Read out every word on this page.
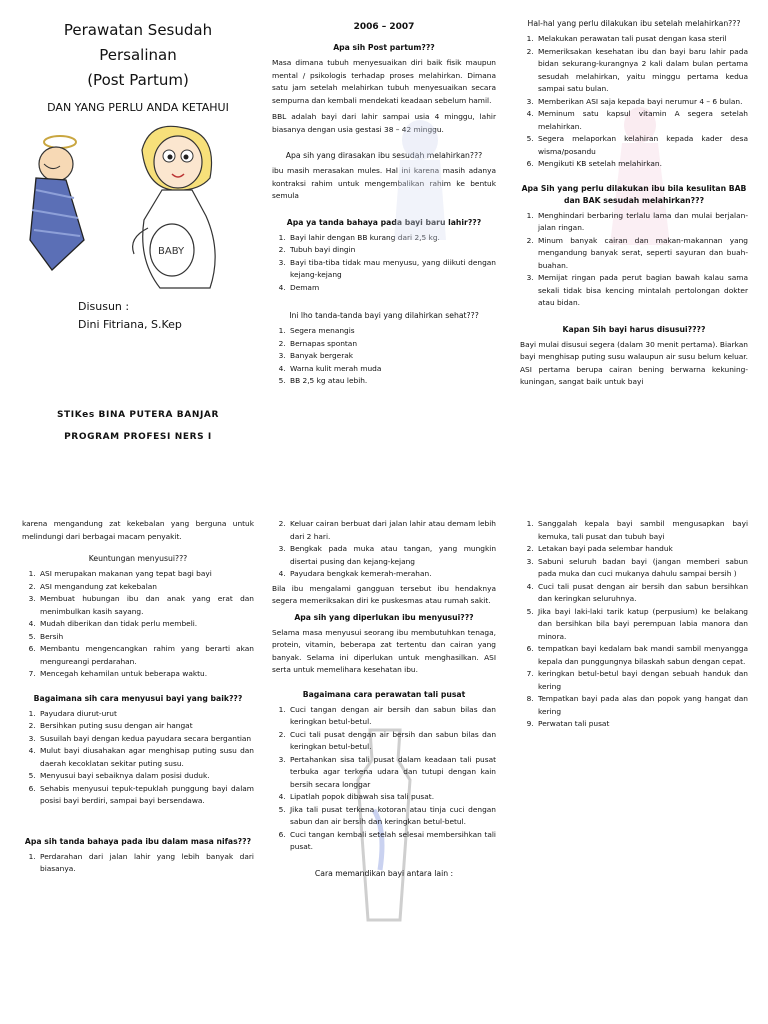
Perawatan Sesudah
Persalinan
(Post Partum)
DAN YANG PERLU ANDA KETAHUI
BABY
Disusun :
Dini Fitriana, S.Kep
STIKes BINA PUTERA BANJAR
PROGRAM PROFESI NERS I
2006 – 2007
Apa sih Post partum???

Masa dimana tubuh menyesuaikan diri baik fisik maupun mental / psikologis terhadap proses melahirkan. Dimana satu jam setelah melahirkan tubuh menyesuaikan secara sempurna dan kembali mendekati keadaan sebelum hamil.

BBL adalah bayi dari lahir sampai usia 4 minggu, lahir biasanya dengan usia gestasi 38 – 42 minggu.

Apa sih yang dirasakan ibu sesudah melahirkan???

ibu masih merasakan mules. Hal ini karena masih adanya kontraksi rahim untuk mengembalikan rahim ke bentuk semula

Apa ya tanda bahaya pada bayi baru lahir???
1. Bayi lahir dengan BB kurang dari 2,5 kg.
2. Tubuh bayi dingin
3. Bayi tiba-tiba tidak mau menyusu, yang diikuti dengan kejang-kejang
4. Demam
Ini lho tanda-tanda bayi yang dilahirkan sehat???
1. Segera menangis
2. Bernapas spontan
3. Banyak bergerak
4. Warna kulit merah muda
5. BB 2,5 kg atau lebih.
Hal-hal yang perlu dilakukan ibu setelah melahirkan???
1. Melakukan perawatan tali pusat dengan kasa steril
2. Memeriksakan kesehatan ibu dan bayi baru lahir pada bidan sekurang-kurangnya 2 kali dalam bulan pertama sesudah melahirkan, yaitu minggu pertama kedua sampai satu bulan.
3. Memberikan ASI saja kepada bayi nerumur 4 – 6 bulan.
4. Meminum satu kapsul vitamin A segera setelah melahirkan.
5. Segera melaporkan kelahiran kepada kader desa wisma/posandu
6. Mengikuti KB setelah melahirkan.
Apa Sih yang perlu dilakukan ibu bila kesulitan BAB dan BAK sesudah melahirkan???
1. Menghindari berbaring terlalu lama dan mulai berjalan-jalan ringan.
2. Minum banyak cairan dan makan-makannan yang mengandung banyak serat, seperti sayuran dan buah-buahan.
3. Memijat ringan pada perut bagian bawah kalau sama sekali tidak bisa kencing mintalah pertolongan dokter atau bidan.
Kapan Sih bayi harus disusui????

Bayi mulai disusui segera (dalam 30 menit pertama). Biarkan bayi menghisap puting susu walaupun air susu belum keluar. ASI pertama berupa cairan bening berwarna kekuning-kuningan, sangat baik untuk bayi

karena mengandung zat kekebalan yang berguna untuk melindungi dari berbagai macam penyakit.

Keuntungan menyusui???
1. ASI merupakan makanan yang tepat bagi bayi
2. ASI mengandung zat kekebalan
3. Membuat hubungan ibu dan anak yang erat dan menimbulkan kasih sayang.
4. Mudah diberikan dan tidak perlu membeli.
5. Bersih
6. Membantu mengencangkan rahim yang berarti akan mengureangi perdarahan.
7. Mencegah kehamilan untuk beberapa waktu.
Bagaimana sih cara menyusui bayi yang baik???
1. Payudara diurut-urut
2. Bersihkan puting susu dengan air hangat
3. Susuilah bayi dengan kedua payudara secara bergantian
4. Mulut bayi diusahakan agar menghisap puting susu dan daerah kecoklatan sekitar puting susu.
5. Menyusui bayi sebaiknya dalam posisi duduk.
6. Sehabis menyusui tepuk-tepuklah punggung bayi dalam posisi bayi berdiri, sampai bayi bersendawa.
Apa sih tanda bahaya pada ibu dalam masa nifas???
1. Perdarahan dari jalan lahir yang lebih banyak dari biasanya.
2. Keluar cairan berbuat dari jalan lahir atau demam lebih dari 2 hari.
3. Bengkak pada muka atau tangan, yang mungkin disertai pusing dan kejang-kejang
4. Payudara bengkak kemerah-merahan.

Bila ibu mengalami gangguan tersebut ibu hendaknya segera memeriksakan diri ke puskesmas atau rumah sakit.

Apa sih yang diperlukan ibu menyusui???

Selama masa menyusui seorang ibu membutuhkan tenaga, protein, vitamin, beberapa zat tertentu dan cairan yang banyak. Selama ini diperlukan untuk menghasilkan. ASI serta untuk memelihara kesehatan ibu.

Bagaimana cara perawatan tali pusat
1. Cuci tangan dengan air bersih dan sabun bilas dan keringkan betul-betul.
2. Cuci tali pusat dengan air bersih dan sabun bilas dan keringkan betul-betul.
3. Pertahankan sisa tali pusat dalam keadaan tali pusat terbuka agar terkena udara dan tutupi dengan kain bersih secara longgar
4. Lipatlah popok dibawah sisa tali pusat.
5. Jika tali pusat terkena kotoran atau tinja cuci dengan sabun dan air bersih dan keringkan betul-betul.
6. Cuci tangan kembali setelah selesai membersihkan tali pusat.
Cara memandikan bayi antara lain :
1. Sanggalah kepala bayi sambil mengusapkan bayi kemuka, tali pusat dan tubuh bayi
2. Letakan bayi pada selembar handuk
3. Sabuni seluruh badan bayi (jangan memberi sabun pada muka dan cuci mukanya dahulu sampai bersih )
4. Cuci tali pusat dengan air bersih dan sabun bersihkan dan keringkan seluruhnya.
5. Jika bayi laki-laki tarik katup (perpusium) ke belakang dan bersihkan bila bayi perempuan labia manora dan minora.
6. tempatkan bayi kedalam bak mandi sambil menyangga kepala dan punggungnya bilaskah sabun dengan cepat.
7. keringkan betul-betul bayi dengan sebuah handuk dan kering
8. Tempatkan bayi pada alas dan popok yang hangat dan kering
9. Perwatan tali pusat
